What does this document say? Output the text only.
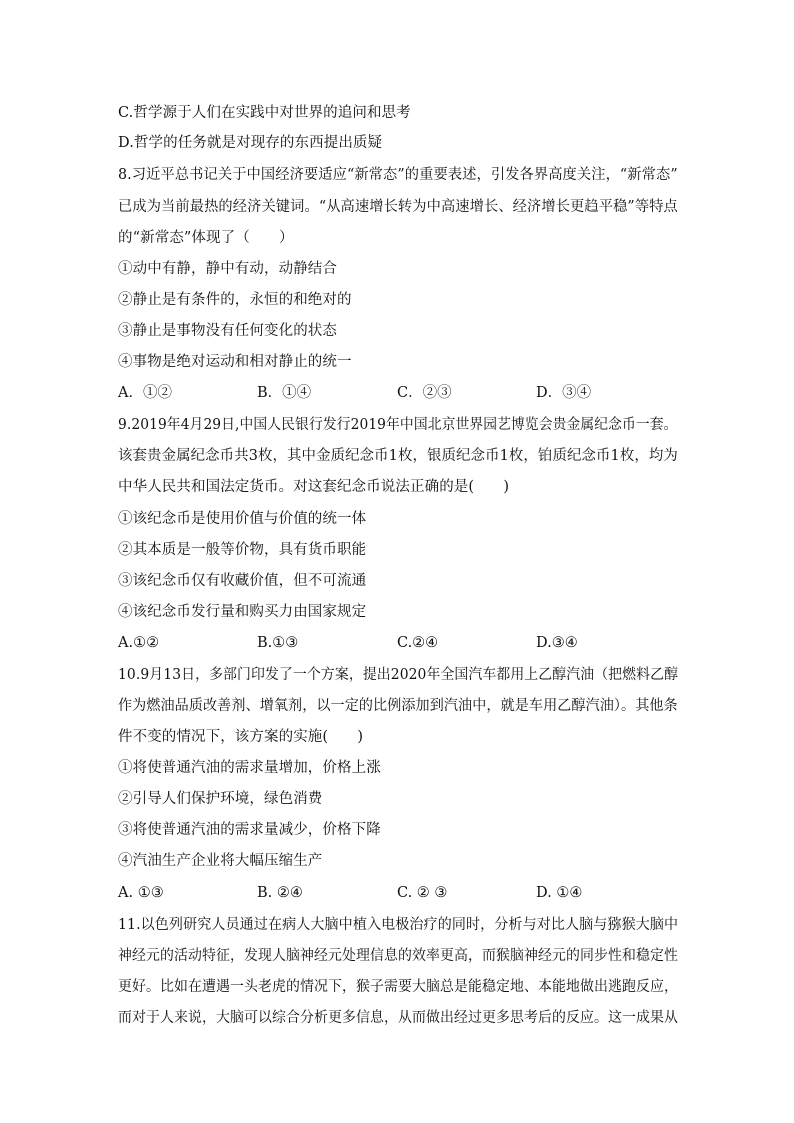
C.哲学源于人们在实践中对世界的追问和思考
D.哲学的任务就是对现存的东西提出质疑
8.习近平总书记关于中国经济要适应“新常态”的重要表述，引发各界高度关注，“新常态”
已成为当前最热的经济关键词。“从高速增长转为中高速增长、经济增长更趋平稳”等特点
的“新常态”体现了（　　）
①动中有静，静中有动，动静结合
②静止是有条件的，永恒的和绝对的
③静止是事物没有任何变化的状态
④事物是绝对运动和相对静止的统一
A．①②	B．①④	C．②③	D．③④
9.2019年4月29日,中国人民银行发行2019年中国北京世界园艺博览会贵金属纪念币一套。
该套贵金属纪念币共3枚，其中金质纪念币1枚，银质纪念币1枚，铂质纪念币1枚，均为
中华人民共和国法定货币。对这套纪念币说法正确的是(　　)
①该纪念币是使用价值与价值的统一体
②其本质是一般等价物，具有货币职能
③该纪念币仅有收藏价值，但不可流通
④该纪念币发行量和购买力由国家规定
A.①②	B.①③	C.②④	D.③④
10.9月13日，多部门印发了一个方案，提出2020年全国汽车都用上乙醇汽油（把燃料乙醇
作为燃油品质改善剂、增氧剂，以一定的比例添加到汽油中，就是车用乙醇汽油）。其他条
件不变的情况下，该方案的实施(　　)
①将使普通汽油的需求量增加，价格上涨
②引导人们保护环境，绿色消费
③将使普通汽油的需求量减少，价格下降
④汽油生产企业将大幅压缩生产
A. ①③	B. ②④	C. ② ③	D. ①④
11.以色列研究人员通过在病人大脑中植入电极治疗的同时，分析与对比人脑与猕猴大脑中
神经元的活动特征，发现人脑神经元处理信息的效率更高，而猴脑神经元的同步性和稳定性
更好。比如在遭遇一头老虎的情况下，猴子需要大脑总是能稳定地、本能地做出逃跑反应，
而对于人来说，大脑可以综合分析更多信息，从而做出经过更多思考后的反应。这一成果从
